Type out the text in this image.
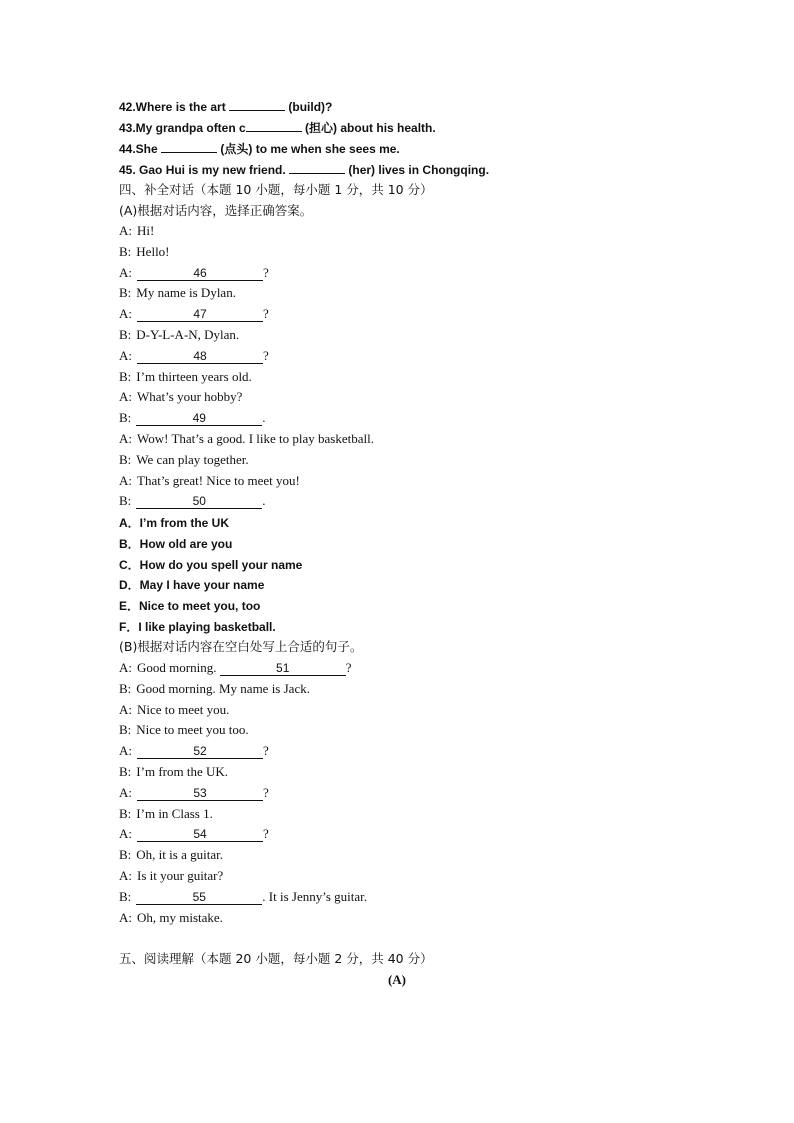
42.Where is the art	(build)?
43.My grandpa often c	(担心) about his health.
44.She	(点头) to me when she sees me.
45. Gao Hui is my new friend.	(her) lives in Chongqing.
四、补全对话（本题 10 小题，每小题 1 分，共 10 分）
(A)根据对话内容，选择正确答案。
A: Hi!
B: Hello!
A:	46	?
B: My name is Dylan.
A:	47	?
B: D-Y-L-A-N, Dylan.
A:	48	?
B: I’m thirteen years old.
A: What’s your hobby?
B:	49	.
A: Wow! That’s a good. I like to play basketball.
B: We can play together.
A: That’s great! Nice to meet you!
B:	50	.
A．I’m from the UK
B．How old are you
C．How do you spell your name
D．May I have your name
E．Nice to meet you, too
F．I like playing basketball.
(B)根据对话内容在空白处写上合适的句子。
A: Good morning.	51	?
B: Good morning. My name is Jack.
A: Nice to meet you.
B: Nice to meet you too.
A:	52	?
B: I’m from the UK.
A:	53	?
B: I’m in Class 1.
A:	54	?
B: Oh, it is a guitar.
A: Is it your guitar?
B:	55	. It is Jenny’s guitar.
A: Oh, my mistake.
五、阅读理解（本题 20 小题，每小题 2 分，共 40 分）
(A)
